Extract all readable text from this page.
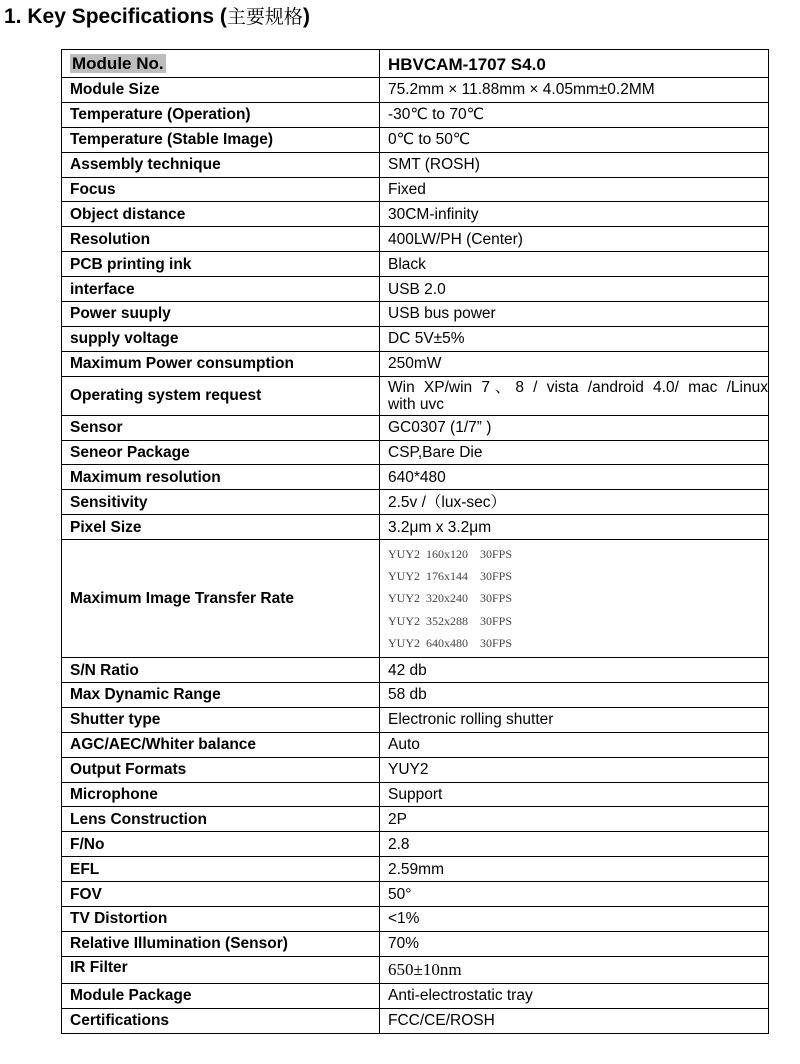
1. Key Specifications (主要规格)
Module No.	HBVCAM-1707 S4.0
Module Size	75.2mm × 11.88mm × 4.05mm±0.2MM
Temperature (Operation)	-30℃ to 70℃
Temperature (Stable Image)	0℃ to 50℃
Assembly technique	SMT (ROSH)
Focus	Fixed
Object distance	30CM-infinity
Resolution	400LW/PH (Center)
PCB printing ink	Black
interface	USB 2.0
Power suuply	USB bus power
supply voltage	DC 5V±5%
Maximum Power consumption	250mW
Operating system request	Win XP/win 7、8 / vista /android 4.0/ mac /Linux
with uvc

Sensor	GC0307 (1/7” )
Seneor Package	CSP,Bare Die
Maximum resolution	640*480
Sensitivity	2.5v /（lux-sec）
Pixel Size	3.2μm x 3.2μm
Maximum Image Transfer Rate	YUY2  160x120    30FPS
YUY2  176x144    30FPS
YUY2  320x240    30FPS
YUY2  352x288    30FPS
YUY2  640x480    30FPS

S/N Ratio	42 db
Max Dynamic Range	58 db
Shutter type	Electronic rolling shutter
AGC/AEC/Whiter balance	Auto
Output Formats	YUY2
Microphone	Support
Lens Construction	2P
F/No	2.8
EFL	2.59mm
FOV	50°
TV Distortion	<1%
Relative Illumination (Sensor)	70%
IR Filter	650±10nm
Module Package	Anti-electrostatic tray
Certifications	FCC/CE/ROSH
